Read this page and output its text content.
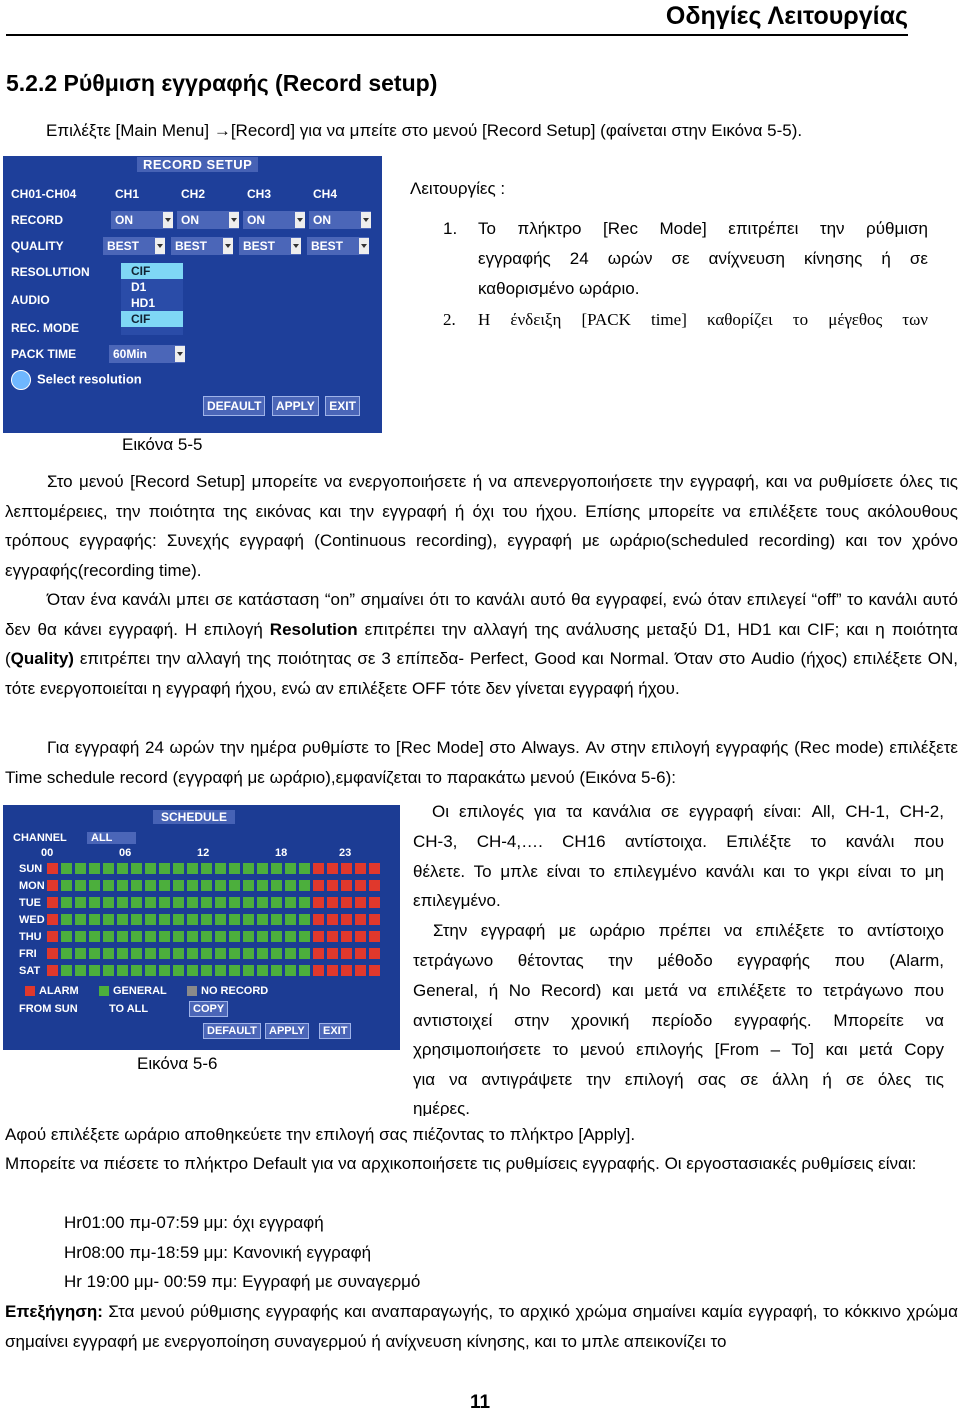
Οδηγίες Λειτουργίας
5.2.2 Ρύθμιση εγγραφής (Record setup)
Επιλέξτε [Main Menu] →[Record] για να μπείτε στο μενού [Record Setup] (φαίνεται στην Εικόνα 5-5).
RECORD SETUP
CH01-CH04	CH1	CH2	CH3	CH4
RECORD	ON	ON	ON	ON
QUALITY	BEST	BEST	BEST	BEST
RESOLUTION
AUDIO
REC. MODE
PACK TIME	60Min
CIF
D1
HD1
CIF
Select resolution
DEFAULT APPLY EXIT
Λειτουργίες :
1. Το πλήκτρο [Rec Mode] επιτρέπει την ρύθμιση
εγγραφής 24 ωρών σε ανίχνευση κίνησης ή σε
καθορισμένο ωράριο.
2. Η ένδειξη [PACK time] καθορίζει το μέγεθος των
Εικόνα 5-5
Στο μενού [Record Setup] μπορείτε να ενεργοποιήσετε ή να απενεργοποιήσετε την εγγραφή, και να ρυθμίσετε όλες τις λεπτομέρειες, την ποιότητα της εικόνας και την εγγραφή ή όχι του ήχου. Επίσης μπορείτε να επιλέξετε τους ακόλουθους τρόπους εγγραφής: Συνεχής εγγραφή (Continuous recording), εγγραφή με ωράριο(scheduled recording) και τον χρόνο εγγραφής(recording time).
Όταν ένα κανάλι μπει σε κατάσταση “on” σημαίνει ότι το κανάλι αυτό θα εγγραφεί, ενώ όταν επιλεγεί “off” το κανάλι αυτό δεν θα κάνει εγγραφή. Η επιλογή Resolution επιτρέπει την αλλαγή της ανάλυσης μεταξύ D1, HD1 και CIF; και η ποιότητα (Quality) επιτρέπει την αλλαγή της ποιότητας σε 3 επίπεδα- Perfect, Good και Normal. Όταν στο Audio (ήχος) επιλέξετε ON, τότε ενεργοποιείται η εγγραφή ήχου, ενώ αν επιλέξετε OFF τότε δεν γίνεται εγγραφή ήχου.
Για εγγραφή 24 ωρών την ημέρα ρυθμίστε το [Rec Mode] στο Always. Αν στην επιλογή εγγραφής (Rec mode) επιλέξετε Time schedule record (εγγραφή με ωράριο),εμφανίζεται το παρακάτω μενού (Εικόνα 5-6):
SCHEDULE
CHANNEL	ALL
00	06	12	18	23
SUN
MON
TUE
WED
THU
FRI
SAT
ALARM	GENERAL	NO RECORD
FROM SUN	TO ALL	COPY
DEFAULT	APPLY	EXIT
Εικόνα 5-6
Οι επιλογές για τα κανάλια σε εγγραφή είναι: All, CH-1, CH-2,
CH-3, CH-4,…. CH16 αντίστοιχα. Επιλέξτε το κανάλι που
θέλετε. Το μπλε είναι το επιλεγμένο κανάλι και το γκρι είναι το μη
επιλεγμένο.
Στην εγγραφή με ωράριο πρέπει να επιλέξετε το αντίστοιχο
τετράγωνο θέτοντας την μέθοδο εγγραφής που (Alarm,
General, ή No Record) και μετά να επιλέξετε το τετράγωνο που
αντιστοιχεί στην χρονική περίοδο εγγραφής. Μπορείτε να
χρησιμοποιήσετε το μενού επιλογής [From – To] και μετά Copy
για να αντιγράψετε την επιλογή σας σε άλλη ή σε όλες τις
ημέρες.
Αφού επιλέξετε ωράριο αποθηκεύετε την επιλογή σας πιέζοντας το πλήκτρο [Apply].
Μπορείτε να πιέσετε το πλήκτρο Default για να αρχικοποιήσετε τις ρυθμίσεις εγγραφής. Οι εργοστασιακές ρυθμίσεις είναι:
Hr01:00 πμ-07:59 μμ: όχι εγγραφή
Hr08:00 πμ-18:59 μμ: Κανονική εγγραφή
Hr 19:00 μμ- 00:59 πμ: Εγγραφή με συναγερμό
Επεξήγηση: Στα μενού ρύθμισης εγγραφής και αναπαραγωγής, το αρχικό χρώμα σημαίνει καμία εγγραφή, το κόκκινο χρώμα σημαίνει εγγραφή με ενεργοποίηση συναγερμού ή ανίχνευση κίνησης, και το μπλε απεικονίζει το
11
